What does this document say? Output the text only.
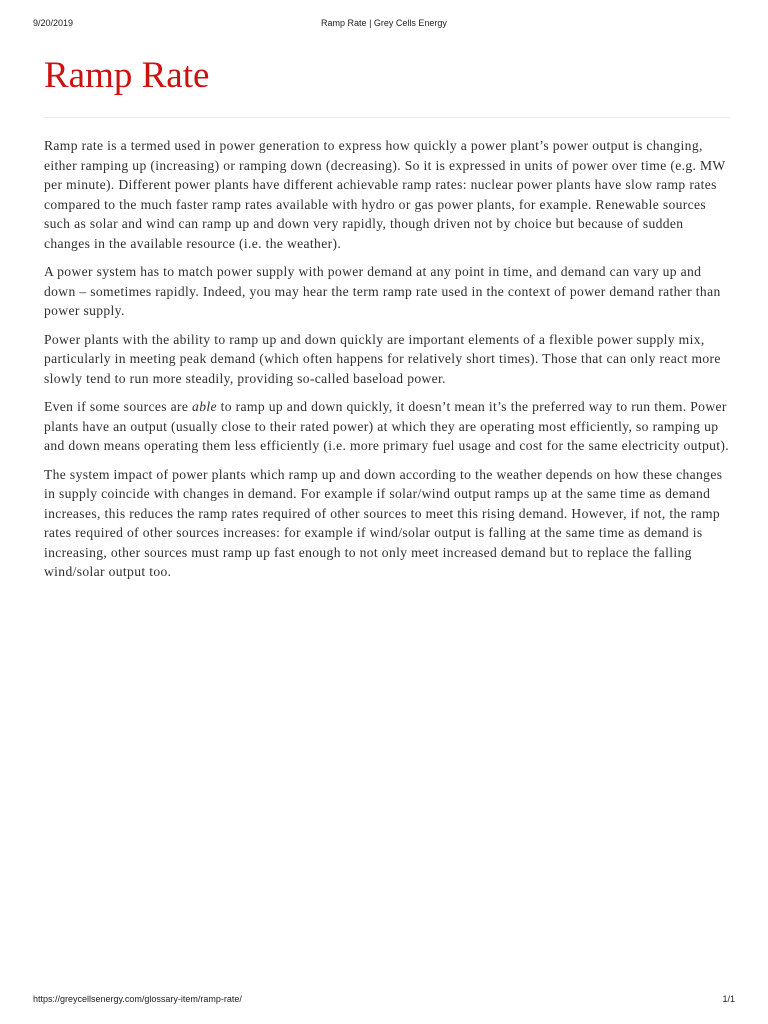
9/20/2019	Ramp Rate | Grey Cells Energy
Ramp Rate

Ramp rate is a termed used in power generation to express how quickly a power plant’s power output is changing, either ramping up (increasing) or ramping down (decreasing). So it is expressed in units of power over time (e.g. MW per minute). Different power plants have different achievable ramp rates: nuclear power plants have slow ramp rates compared to the much faster ramp rates available with hydro or gas power plants, for example. Renewable sources such as solar and wind can ramp up and down very rapidly, though driven not by choice but because of sudden changes in the available resource (i.e. the weather).

A power system has to match power supply with power demand at any point in time, and demand can vary up and down – sometimes rapidly. Indeed, you may hear the term ramp rate used in the context of power demand rather than power supply.

Power plants with the ability to ramp up and down quickly are important elements of a flexible power supply mix, particularly in meeting peak demand (which often happens for relatively short times). Those that can only react more slowly tend to run more steadily, providing so-called baseload power.

Even if some sources are able to ramp up and down quickly, it doesn’t mean it’s the preferred way to run them. Power plants have an output (usually close to their rated power) at which they are operating most efficiently, so ramping up and down means operating them less efficiently (i.e. more primary fuel usage and cost for the same electricity output).

The system impact of power plants which ramp up and down according to the weather depends on how these changes in supply coincide with changes in demand. For example if solar/wind output ramps up at the same time as demand increases, this reduces the ramp rates required of other sources to meet this rising demand. However, if not, the ramp rates required of other sources increases: for example if wind/solar output is falling at the same time as demand is increasing, other sources must ramp up fast enough to not only meet increased demand but to replace the falling wind/solar output too.

https://greycellsenergy.com/glossary-item/ramp-rate/	1/1
